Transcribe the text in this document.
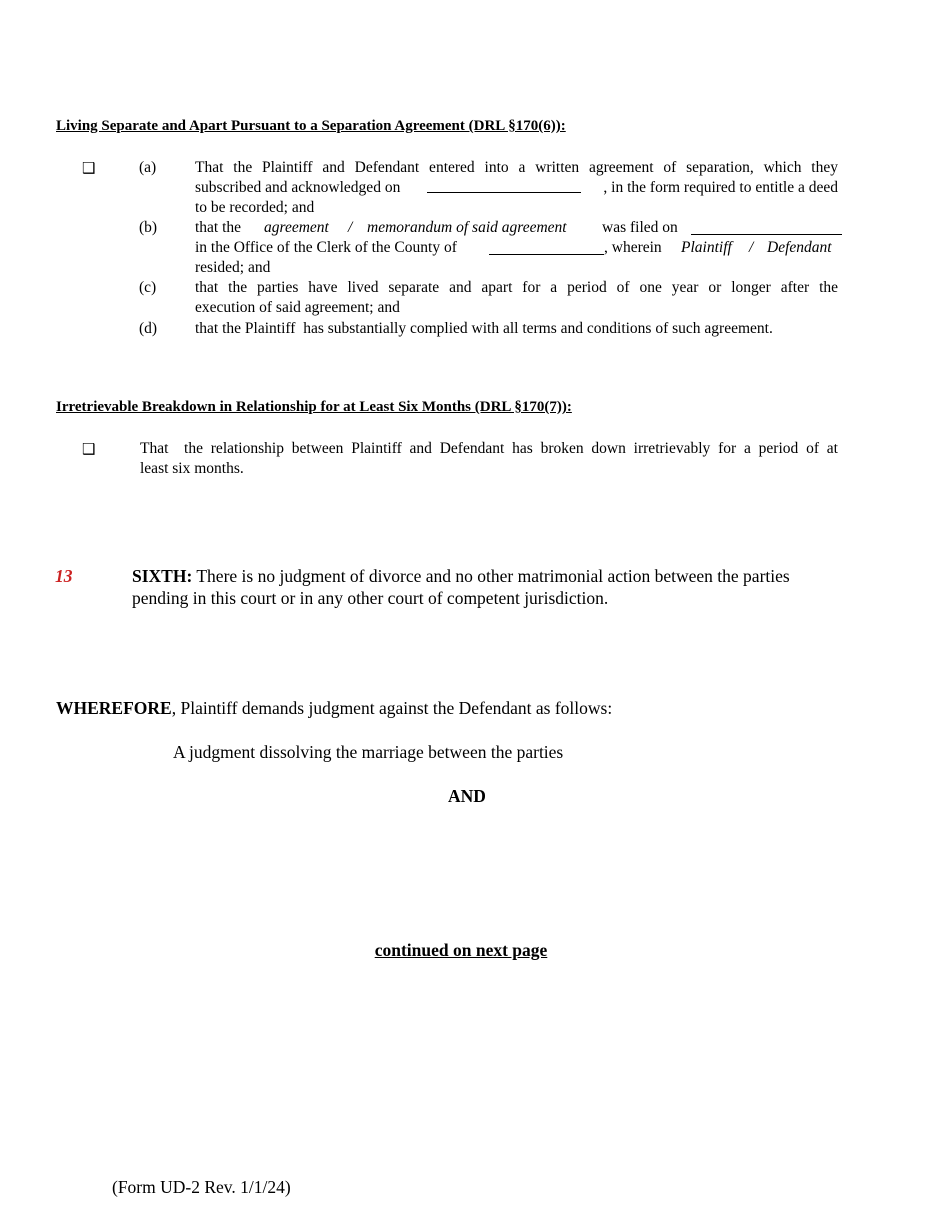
Living Separate and Apart Pursuant to a Separation Agreement (DRL §170(6)):
❑	(a)	That the Plaintiff and Defendant entered into a written agreement of separation, which they
subscribed and acknowledged on	, in the form required to entitle a deed
to be recorded; and
(b) that the agreement / memorandum of said agreement was filed on
in the Office of the Clerk of the County of	, wherein Plaintiff / Defendant
resided; and
(c)	that the parties have lived separate and apart for a period of one year or longer after the
execution of said agreement; and
(d) that the Plaintiff  has substantially complied with all terms and conditions of such agreement.
Irretrievable Breakdown in Relationship for at Least Six Months (DRL §170(7)):
❑	That  the relationship between Plaintiff and Defendant has broken down irretrievably for a period of at
least six months.
13	SIXTH: There is no judgment of divorce and no other matrimonial action between the parties
pending in this court or in any other court of competent jurisdiction.
WHEREFORE, Plaintiff demands judgment against the Defendant as follows:
A judgment dissolving the marriage between the parties
AND
continued on next page
(Form UD-2 Rev. 1/1/24)
